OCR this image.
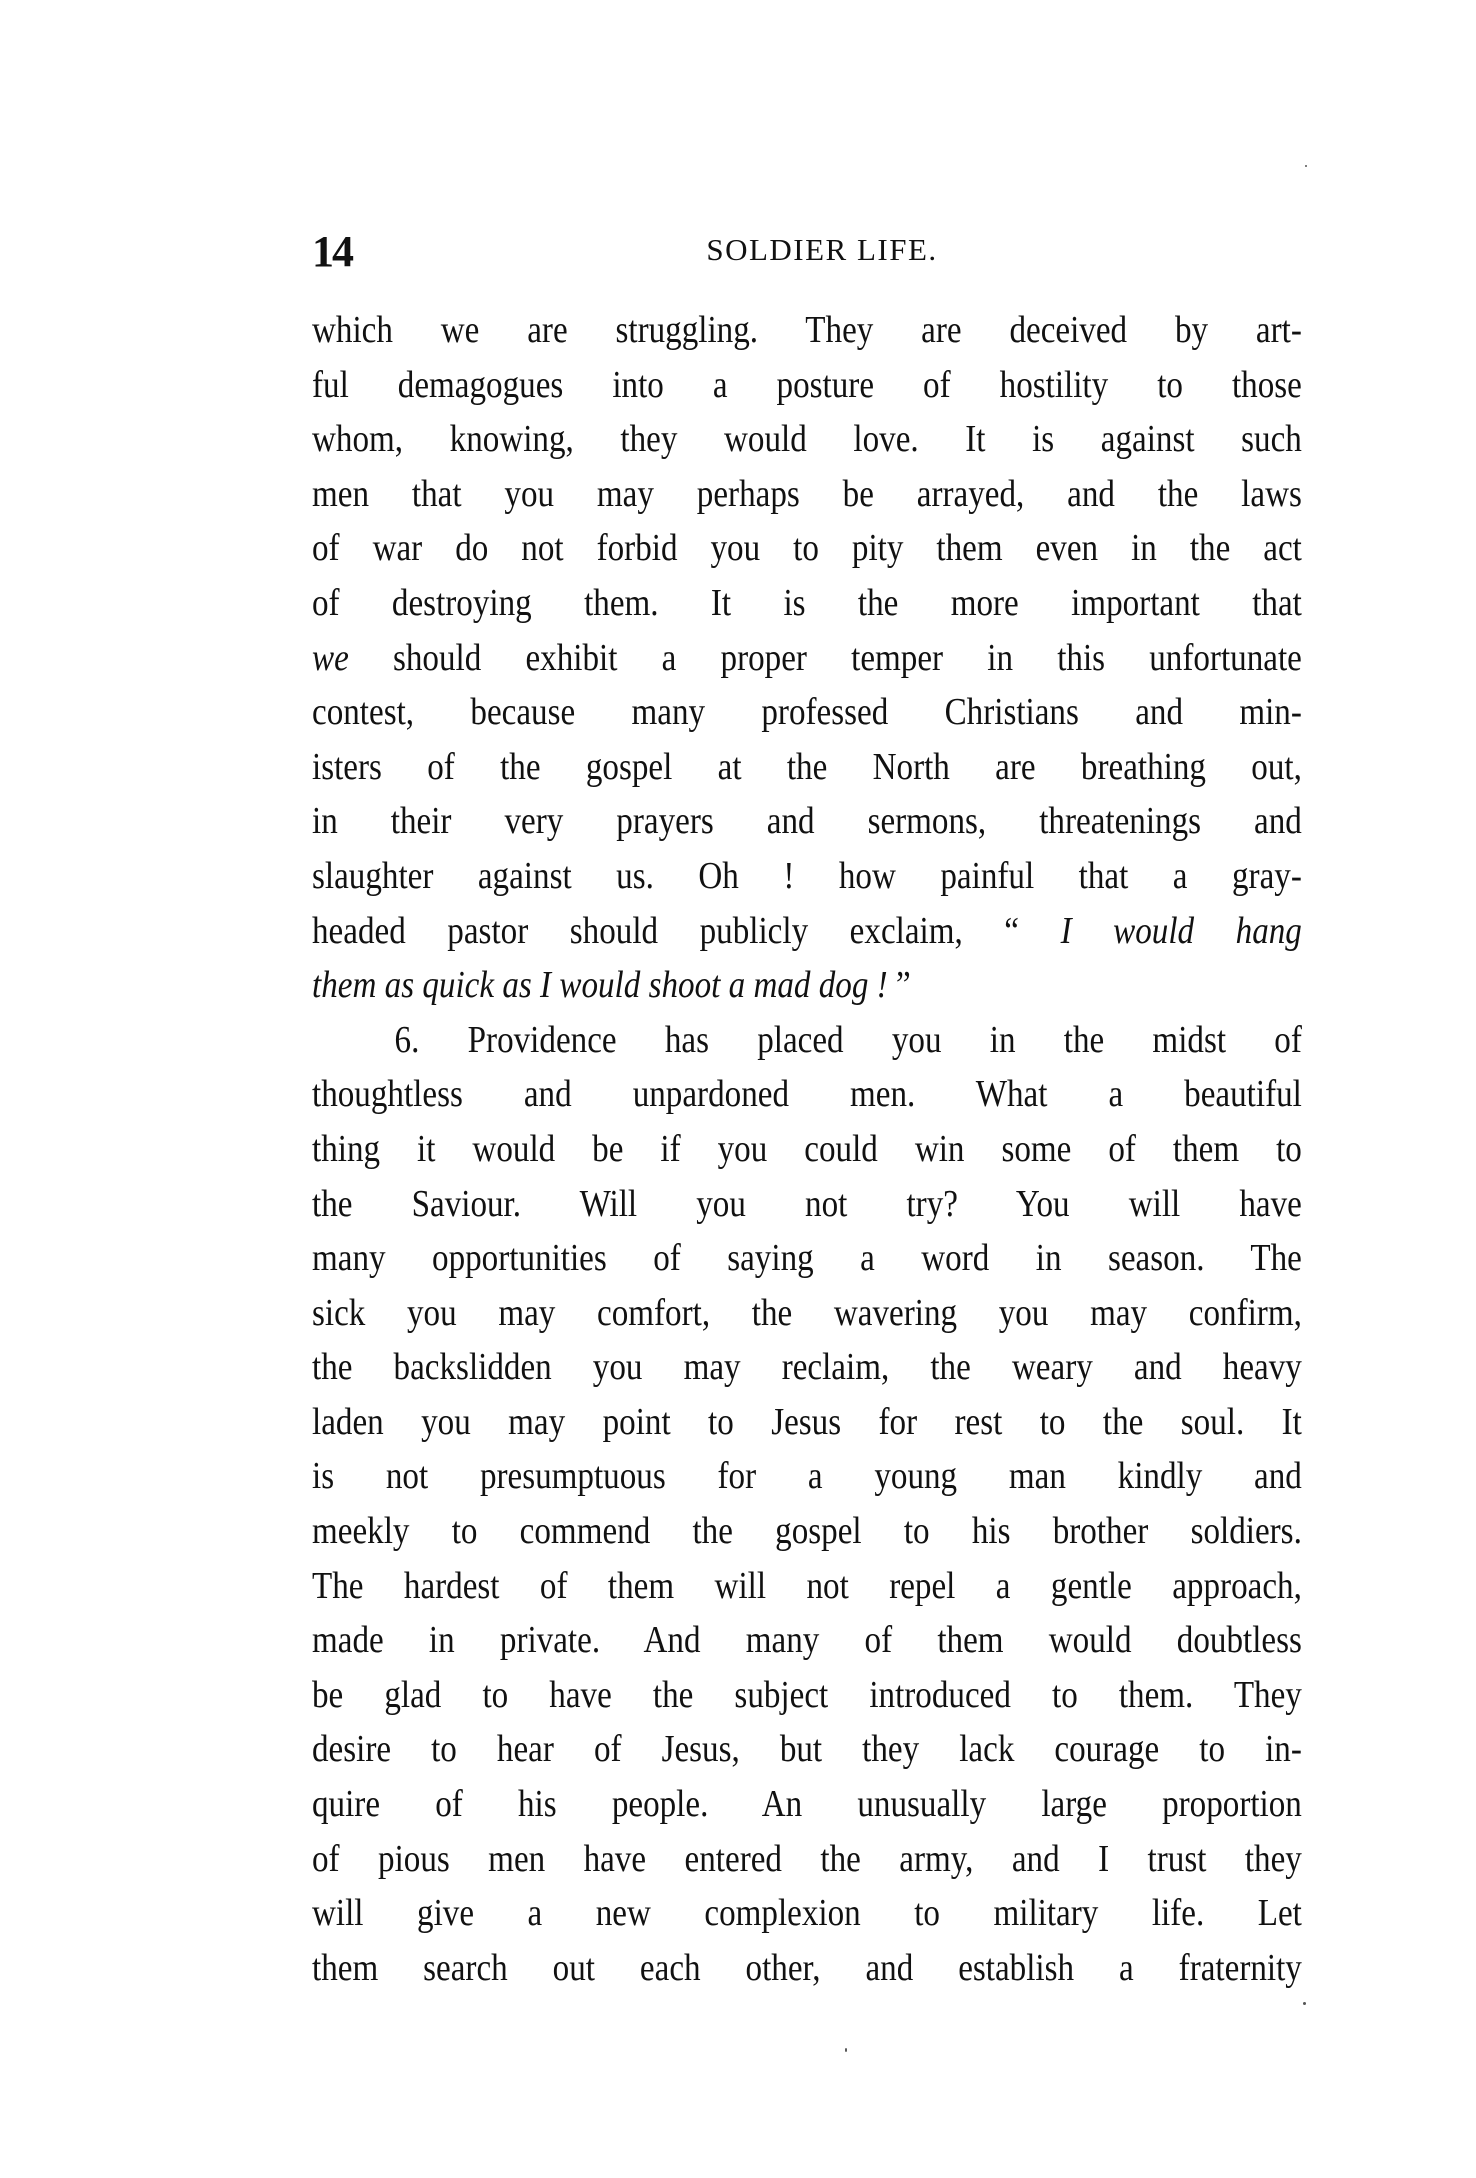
14	SOLDIER LIFE.
which we are struggling. They are deceived by art-
ful demagogues into a posture of hostility to those
whom, knowing, they would love. It is against such
men that you may perhaps be arrayed, and the laws
of war do not forbid you to pity them even in the act
of destroying them. It is the more important that
we should exhibit a proper temper in this unfortunate
contest, because many professed Christians and min-
isters of the gospel at the North are breathing out,
in their very prayers and sermons, threatenings and
slaughter against us. Oh ! how painful that a gray-
headed pastor should publicly exclaim, “ I would hang
them as quick as I would shoot a mad dog ! ”
6. Providence has placed you in the midst of
thoughtless and unpardoned men. What a beautiful
thing it would be if you could win some of them to
the Saviour. Will you not try? You will have
many opportunities of saying a word in season. The
sick you may comfort, the wavering you may confirm,
the backslidden you may reclaim, the weary and heavy
laden you may point to Jesus for rest to the soul. It
is not presumptuous for a young man kindly and
meekly to commend the gospel to his brother soldiers.
The hardest of them will not repel a gentle approach,
made in private. And many of them would doubtless
be glad to have the subject introduced to them. They
desire to hear of Jesus, but they lack courage to in-
quire of his people. An unusually large proportion
of pious men have entered the army, and I trust they
will give a new complexion to military life. Let
them search out each other, and establish a fraternity
